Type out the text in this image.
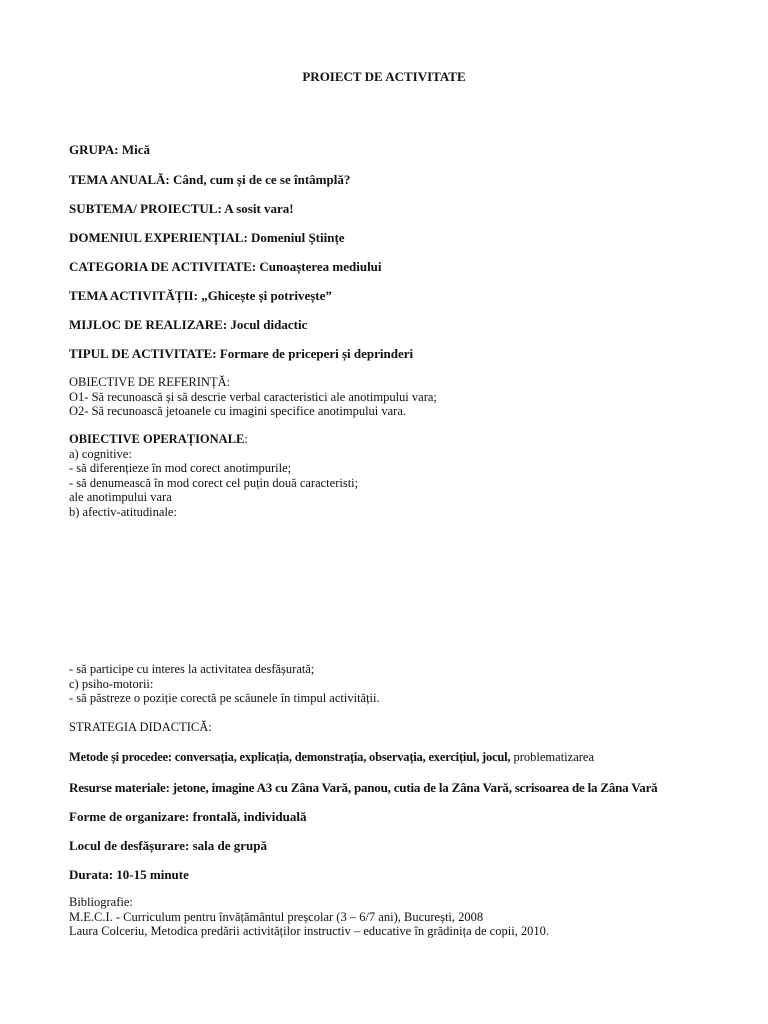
PROIECT DE ACTIVITATE
GRUPA: Mică
TEMA ANUALĂ: Când, cum și de ce se întâmplă?
SUBTEMA/ PROIECTUL: A sosit vara!
DOMENIUL EXPERIENȚIAL: Domeniul Științe
CATEGORIA DE ACTIVITATE: Cunoașterea mediului
TEMA ACTIVITĂȚII: „Ghicește și potrivește”
MIJLOC DE REALIZARE: Jocul didactic
TIPUL DE ACTIVITATE: Formare de priceperi și deprinderi
OBIECTIVE DE REFERINȚĂ:
O1- Să recunoască și să descrie verbal caracteristici ale anotimpului vara;
O2- Să recunoască jetoanele cu imagini specifice anotimpului vara.
OBIECTIVE OPERAȚIONALE:
a) cognitive:
- să diferențieze în mod corect anotimpurile;
- să denumească în mod corect cel puțin două caracteristi;
ale anotimpului vara
b) afectiv-atitudinale:
- să participe cu interes la activitatea desfășurată;
c) psiho-motorii:
- să păstreze o poziție corectă pe scăunele în timpul activității.
STRATEGIA DIDACTICĂ:
Metode și procedee: conversația, explicația, demonstrația, observația, exercițiul, jocul, problematizarea
Resurse materiale: jetone, imagine A3 cu Zâna Vară, panou, cutia de la Zâna Vară, scrisoarea de la Zâna Vară
Forme de organizare: frontală, individuală
Locul de desfășurare: sala de grupă
Durata: 10-15 minute
Bibliografie:
M.E.C.I. - Curriculum pentru învățământul preșcolar (3 – 6/7 ani), București, 2008
Laura Colceriu, Metodica predării activităților instructiv – educative în grădinița de copii, 2010.
